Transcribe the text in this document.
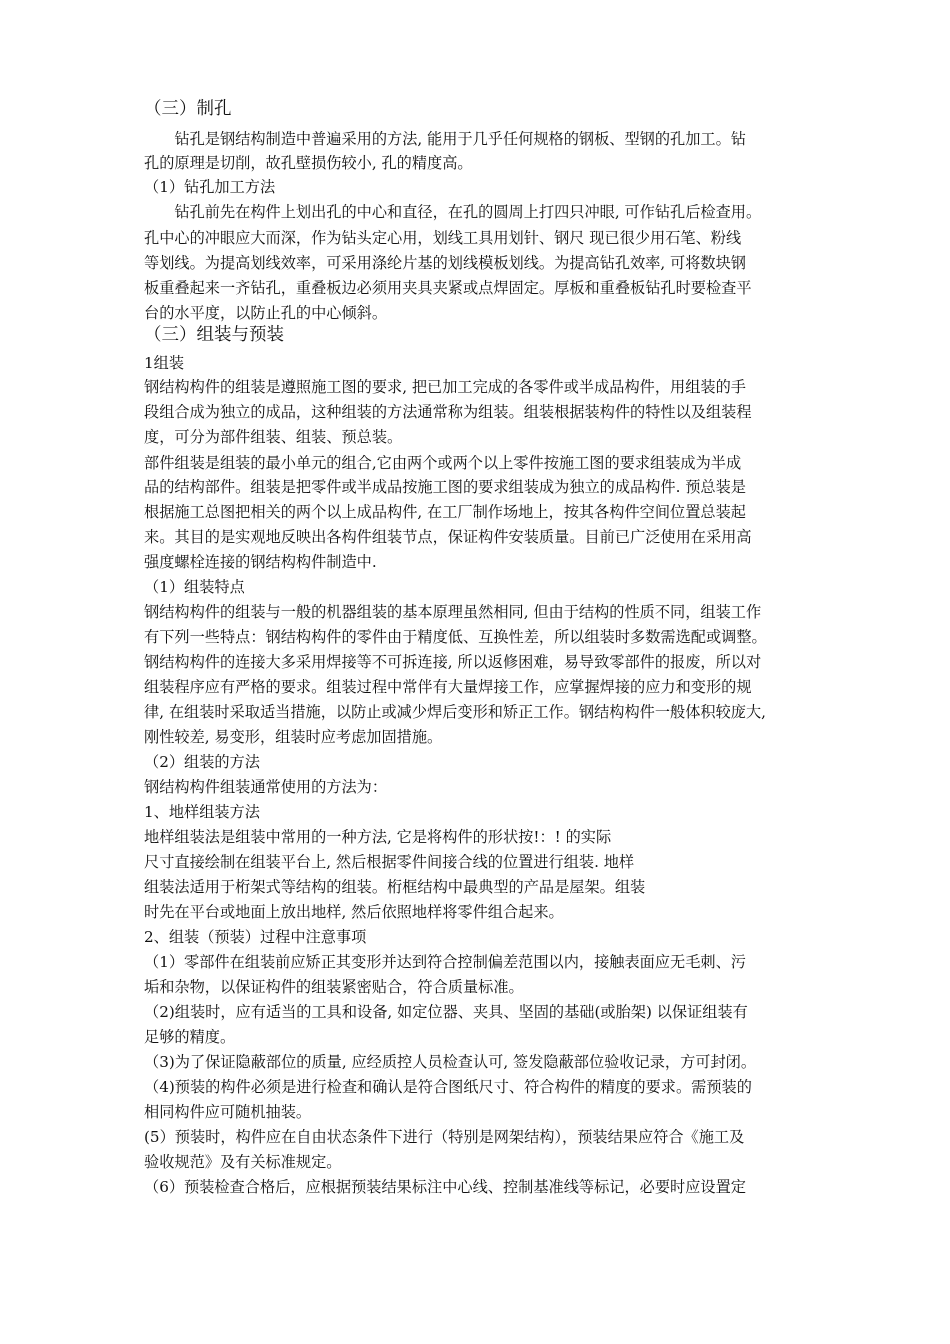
（三）制孔
　　钻孔是钢结构制造中普遍采用的方法, 能用于几乎任何规格的钢板、型钢的孔加工。钻
孔的原理是切削，故孔壁损伤较小, 孔的精度高。
（1）钻孔加工方法
　　钻孔前先在构件上划出孔的中心和直径，在孔的圆周上打四只冲眼, 可作钻孔后检查用。
孔中心的冲眼应大而深，作为钻头定心用，划线工具用划针、钢尺 现已很少用石笔、粉线
等划线。为提高划线效率，可采用涤纶片基的划线模板划线。为提高钻孔效率, 可将数块钢
板重叠起来一齐钻孔，重叠板边必须用夹具夹紧或点焊固定。厚板和重叠板钻孔时要检查平
台的水平度，以防止孔的中心倾斜。
（三）组装与预装
1组装
钢结构构件的组装是遵照施工图的要求, 把已加工完成的各零件或半成品构件，用组装的手
段组合成为独立的成品，这种组装的方法通常称为组装。组装根据装构件的特性以及组装程
度，可分为部件组装、组装、预总装。
部件组装是组装的最小单元的组合,它由两个或两个以上零件按施工图的要求组装成为半成
品的结构部件。组装是把零件或半成品按施工图的要求组装成为独立的成品构件. 预总装是
根据施工总图把相关的两个以上成品构件, 在工厂制作场地上，按其各构件空间位置总装起
来。其目的是实观地反映出各构件组装节点，保证构件安装质量。目前已广泛使用在采用高
强度螺栓连接的钢结构构件制造中.
（1）组装特点
钢结构构件的组装与一般的机器组装的基本原理虽然相同, 但由于结构的性质不同，组装工作
有下列一些特点：钢结构构件的零件由于精度低、互换性差，所以组装时多数需选配或调整。
钢结构构件的连接大多采用焊接等不可拆连接, 所以返修困难，易导致零部件的报废，所以对
组装程序应有严格的要求。组装过程中常伴有大量焊接工作，应掌握焊接的应力和变形的规
律, 在组装时采取适当措施，以防止或减少焊后变形和矫正工作。钢结构构件一般体积较庞大,
刚性较差, 易变形，组装时应考虑加固措施。
（2）组装的方法
钢结构构件组装通常使用的方法为：
1、地样组装方法
地样组装法是组装中常用的一种方法, 它是将构件的形状按!：! 的实际
尺寸直接绘制在组装平台上, 然后根据零件间接合线的位置进行组装. 地样
组装法适用于桁架式等结构的组装。桁框结构中最典型的产品是屋架。组装
时先在平台或地面上放出地样, 然后依照地样将零件组合起来。
2、组装（预装）过程中注意事项
（1）零部件在组装前应矫正其变形并达到符合控制偏差范围以内，接触表面应无毛刺、污
垢和杂物，以保证构件的组装紧密贴合，符合质量标准。
（2)组装时，应有适当的工具和设备, 如定位器、夹具、坚固的基础(或胎架) 以保证组装有
足够的精度。
（3)为了保证隐蔽部位的质量, 应经质控人员检查认可, 签发隐蔽部位验收记录，方可封闭。
（4)预装的构件必须是进行检查和确认是符合图纸尺寸、符合构件的精度的要求。需预装的
相同构件应可随机抽装。
(5）预装时，构件应在自由状态条件下进行（特别是网架结构），预装结果应符合《施工及
验收规范》及有关标准规定。
（6）预装检查合格后，应根据预装结果标注中心线、控制基准线等标记，必要时应设置定
